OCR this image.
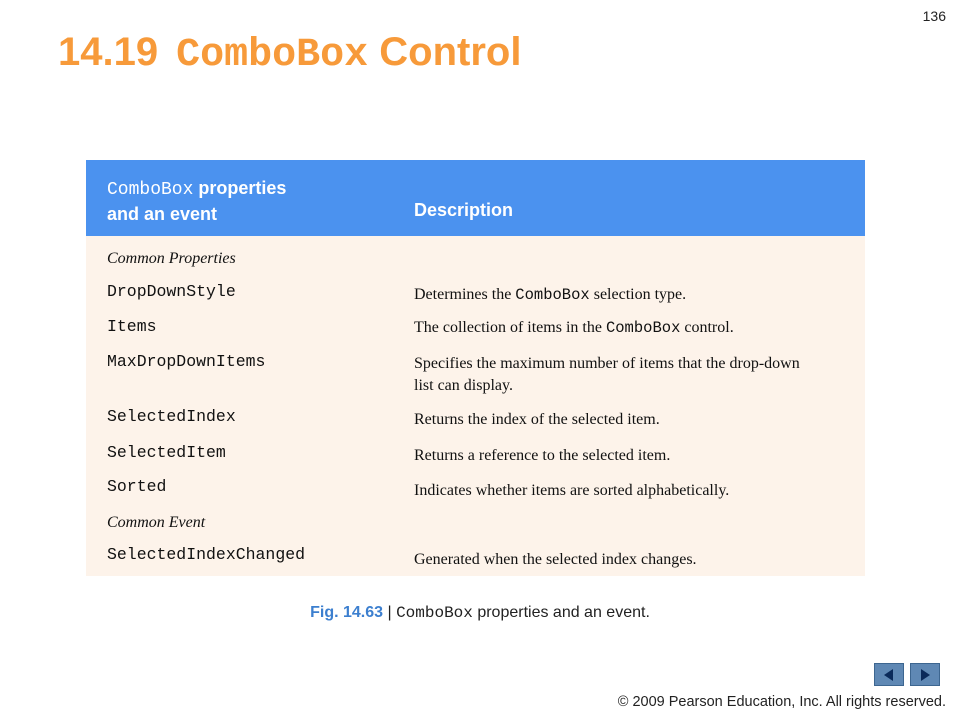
136
14.19 ComboBox Control
ComboBox properties
and an event	Description
Common Properties
DropDownStyle	Determines the ComboBox selection type.
Items	The collection of items in the ComboBox control.
MaxDropDownItems	Specifies the maximum number of items that the drop-down
list can display.
SelectedIndex	Returns the index of the selected item.
SelectedItem	Returns a reference to the selected item.
Sorted	Indicates whether items are sorted alphabetically.
Common Event
SelectedIndexChanged	Generated when the selected index changes.
Fig. 14.63 | ComboBox properties and an event.
© 2009 Pearson Education, Inc. All rights reserved.
